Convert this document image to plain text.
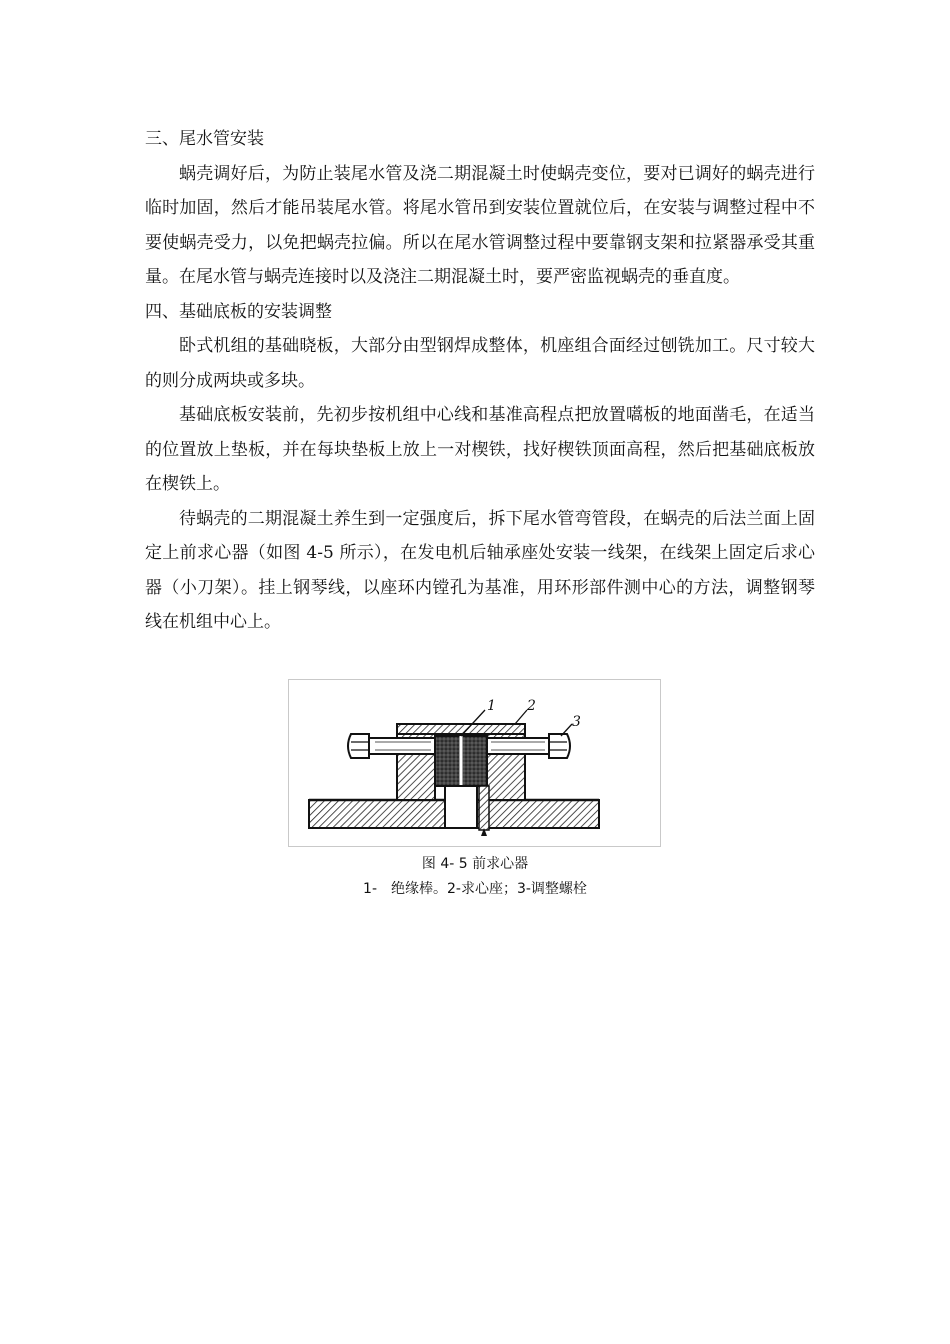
三、尾水管安装

蜗壳调好后，为防止装尾水管及浇二期混凝土时使蜗壳变位，要对已调好的蜗壳进行临时加固，然后才能吊装尾水管。将尾水管吊到安装位置就位后，在安装与调整过程中不要使蜗壳受力，以免把蜗壳拉偏。所以在尾水管调整过程中要靠钢支架和拉紧器承受其重量。在尾水管与蜗壳连接时以及浇注二期混凝土时，要严密监视蜗壳的垂直度。

四、基础底板的安装调整

卧式机组的基础晓板，大部分由型钢焊成整体，机座组合面经过刨铣加工。尺寸较大的则分成两块或多块。

基础底板安装前，先初步按机组中心线和基准高程点把放置嚆板的地面凿毛，在适当的位置放上垫板，并在每块垫板上放上一对楔铁，找好楔铁顶面高程，然后把基础底板放在楔铁上。

待蜗壳的二期混凝土养生到一定强度后，拆下尾水管弯管段，在蜗壳的后法兰面上固定上前求心器（如图 4-5 所示），在发电机后轴承座处安装一线架，在线架上固定后求心器（小刀架）。挂上钢琴线，以座环内镗孔为基准，用环形部件测中心的方法，调整钢琴线在机组中心上。

1 2
3
图 4- 5 前求心器
1-　绝缘棒。2-求心座；3-调整螺栓
